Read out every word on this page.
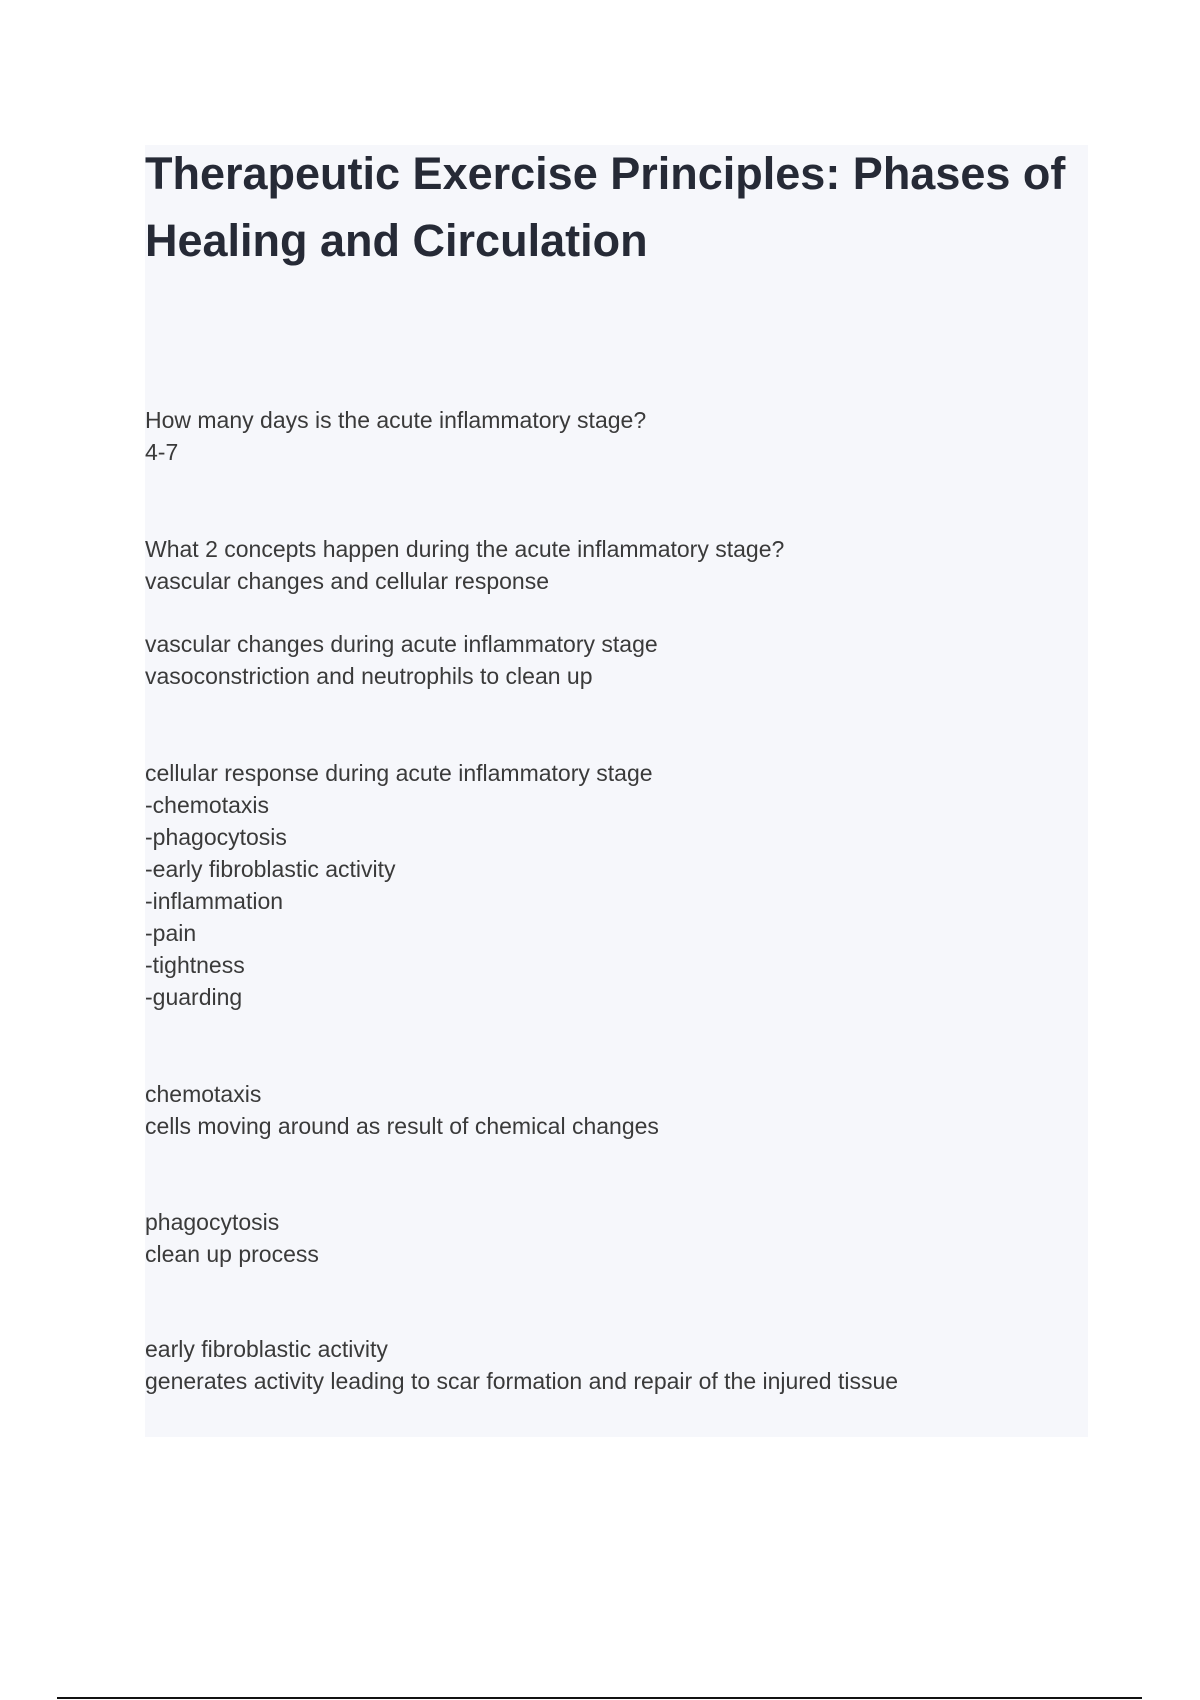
Therapeutic Exercise Principles: Phases of Healing and Circulation
How many days is the acute inflammatory stage?
4-7
What 2 concepts happen during the acute inflammatory stage?
vascular changes and cellular response
vascular changes during acute inflammatory stage
vasoconstriction and neutrophils to clean up
cellular response during acute inflammatory stage
-chemotaxis
-phagocytosis
-early fibroblastic activity
-inflammation
-pain
-tightness
-guarding
chemotaxis
cells moving around as result of chemical changes
phagocytosis
clean up process
early fibroblastic activity
generates activity leading to scar formation and repair of the injured tissue
